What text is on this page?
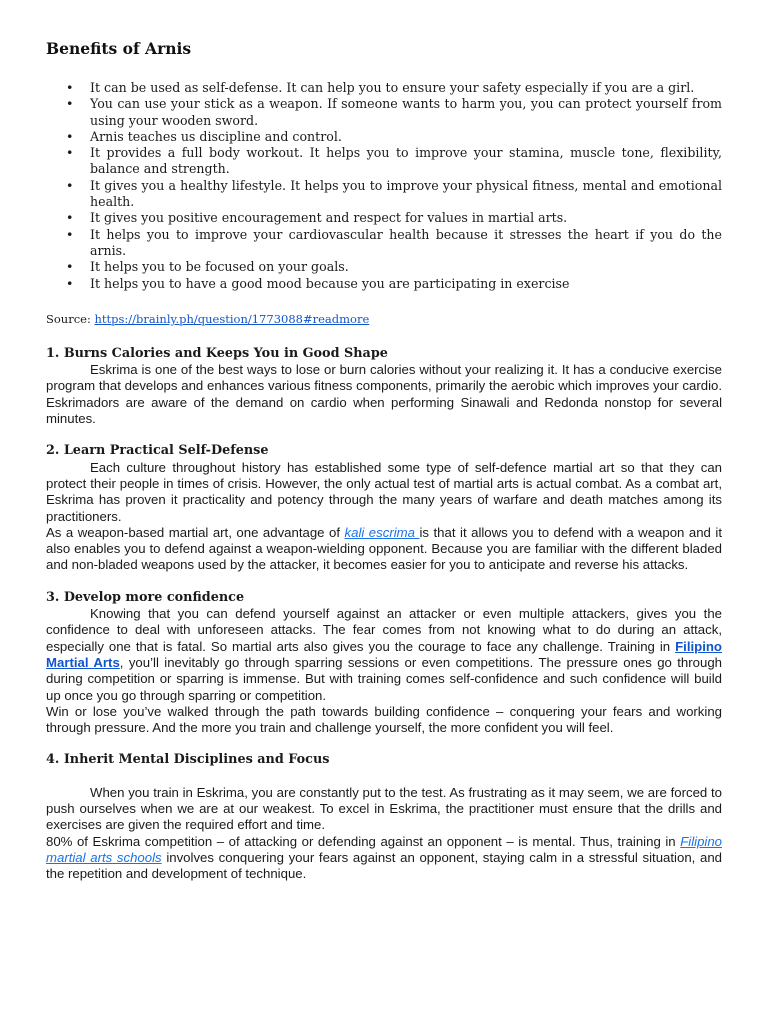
Benefits of Arnis
• It can be used as self-defense. It can help you to ensure your safety especially if you are a girl.
• You can use your stick as a weapon. If someone wants to harm you, you can protect yourself from using your wooden sword.
• Arnis teaches us discipline and control.
• It provides a full body workout. It helps you to improve your stamina, muscle tone, flexibility, balance and strength.
• It gives you a healthy lifestyle. It helps you to improve your physical fitness, mental and emotional health.
• It gives you positive encouragement and respect for values in martial arts.
• It helps you to improve your cardiovascular health because it stresses the heart if you do the arnis.
• It helps you to be focused on your goals.
• It helps you to have a good mood because you are participating in exercise
Source: https://brainly.ph/question/1773088#readmore
1. Burns Calories and Keeps You in Good Shape

Eskrima is one of the best ways to lose or burn calories without your realizing it. It has a conducive exercise program that develops and enhances various fitness components, primarily the aerobic which improves your cardio. Eskrimadors are aware of the demand on cardio when performing Sinawali and Redonda nonstop for several minutes.

2. Learn Practical Self-Defense

Each culture throughout history has established some type of self-defence martial art so that they can protect their people in times of crisis. However, the only actual test of martial arts is actual combat. As a combat art, Eskrima has proven it practicality and potency through the many years of warfare and death matches among its practitioners.

As a weapon-based martial art, one advantage of kali escrima is that it allows you to defend with a weapon and it also enables you to defend against a weapon-wielding opponent. Because you are familiar with the different bladed and non-bladed weapons used by the attacker, it becomes easier for you to anticipate and reverse his attacks.

3. Develop more confidence

Knowing that you can defend yourself against an attacker or even multiple attackers, gives you the confidence to deal with unforeseen attacks. The fear comes from not knowing what to do during an attack, especially one that is fatal. So martial arts also gives you the courage to face any challenge. Training in Filipino Martial Arts, you’ll inevitably go through sparring sessions or even competitions. The pressure ones go through during competition or sparring is immense. But with training comes self-confidence and such confidence will build up once you go through sparring or competition.

Win or lose you’ve walked through the path towards building confidence – conquering your fears and working through pressure. And the more you train and challenge yourself, the more confident you will feel.

4. Inherit Mental Disciplines and Focus

When you train in Eskrima, you are constantly put to the test. As frustrating as it may seem, we are forced to push ourselves when we are at our weakest. To excel in Eskrima, the practitioner must ensure that the drills and exercises are given the required effort and time.

80% of Eskrima competition – of attacking or defending against an opponent – is mental. Thus, training in Filipino martial arts schools involves conquering your fears against an opponent, staying calm in a stressful situation, and the repetition and development of technique.
